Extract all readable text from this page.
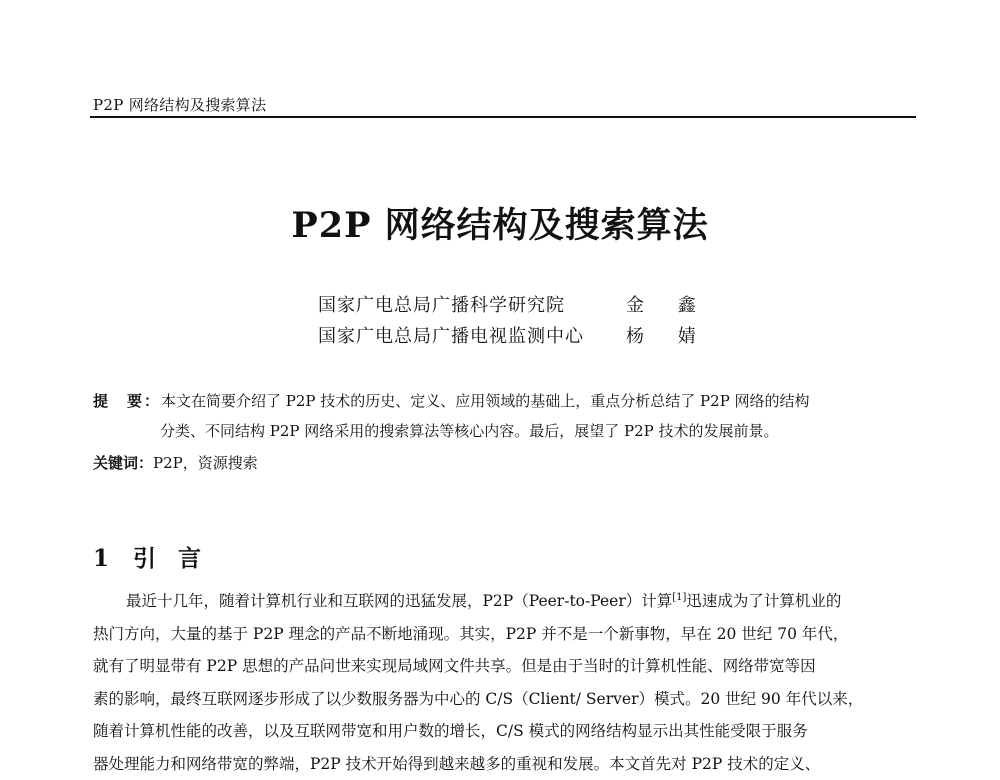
P2P 网络结构及搜索算法
P2P 网络结构及搜索算法
国家广电总局广播科学研究院	金 鑫
国家广电总局广播电视监测中心	杨 婧
提　要：本文在简要介绍了 P2P 技术的历史、定义、应用领域的基础上，重点分析总结了 P2P 网络的结构
分类、不同结构 P2P 网络采用的搜索算法等核心内容。最后，展望了 P2P 技术的发展前景。
关键词：P2P，资源搜索
1 引言
最近十几年，随着计算机行业和互联网的迅猛发展，P2P（Peer-to-Peer）计算[1]迅速成为了计算机业的
热门方向，大量的基于 P2P 理念的产品不断地涌现。其实，P2P 并不是一个新事物，早在 20 世纪 70 年代，
就有了明显带有 P2P 思想的产品问世来实现局域网文件共享。但是由于当时的计算机性能、网络带宽等因
素的影响，最终互联网逐步形成了以少数服务器为中心的 C/S（Client/ Server）模式。20 世纪 90 年代以来，
随着计算机性能的改善，以及互联网带宽和用户数的增长，C/S 模式的网络结构显示出其性能受限于服务
器处理能力和网络带宽的弊端，P2P 技术开始得到越来越多的重视和发展。本文首先对 P2P 技术的定义、
